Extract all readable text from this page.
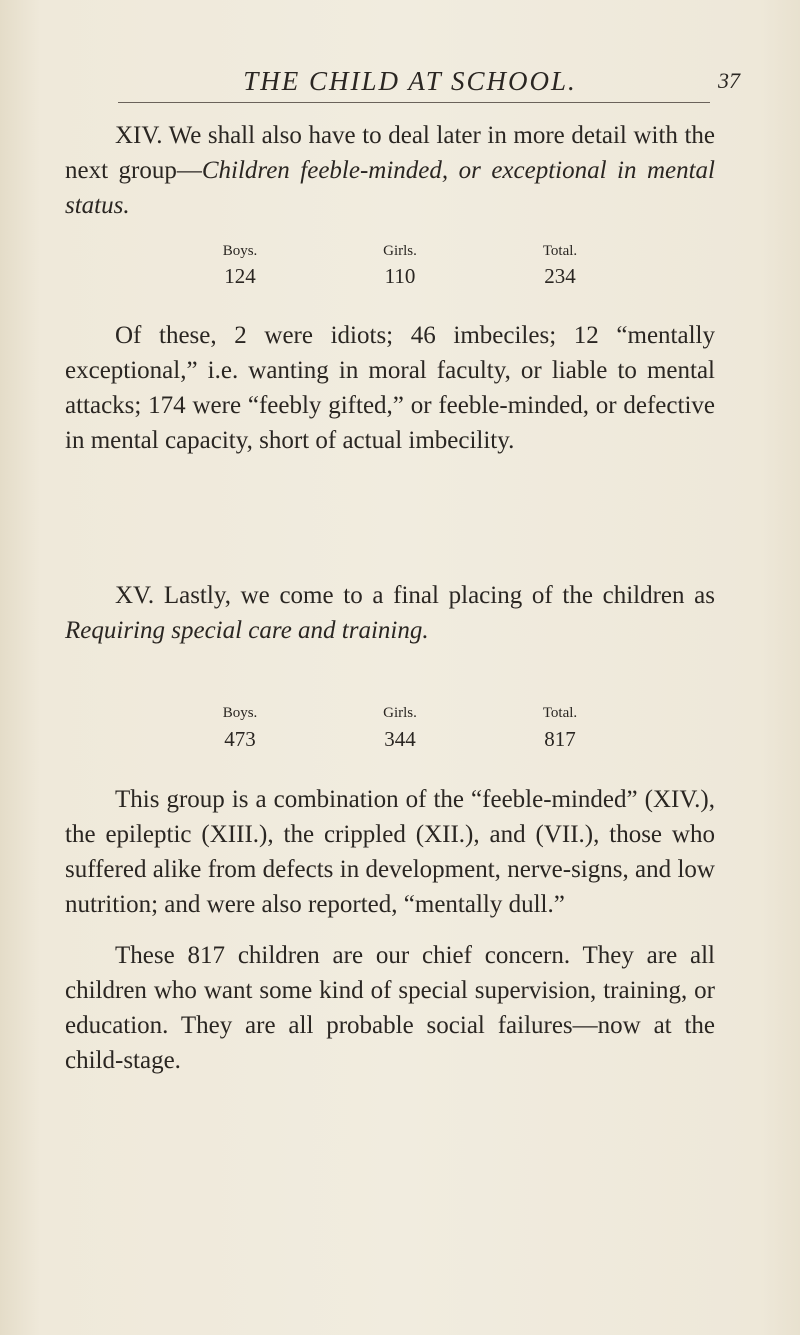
THE CHILD AT SCHOOL.	37
XIV. We shall also have to deal later in more detail with the next group—Children feeble-minded, or exceptional in mental status.
Boys.	Girls.	Total.
124	110	234
Of these, 2 were idiots; 46 imbeciles; 12 “mentally exceptional,” i.e. wanting in moral faculty, or liable to mental attacks; 174 were “feebly gifted,” or feeble-minded, or defective in mental capacity, short of actual imbecility.
XV. Lastly, we come to a final placing of the children as Requiring special care and training.
Boys.	Girls.	Total.
473	344	817
This group is a combination of the “feeble-minded” (XIV.), the epileptic (XIII.), the crippled (XII.), and (VII.), those who suffered alike from defects in development, nerve-signs, and low nutrition; and were also reported, “mentally dull.”
These 817 children are our chief concern. They are all children who want some kind of special supervision, training, or education. They are all probable social failures—now at the child-stage.
